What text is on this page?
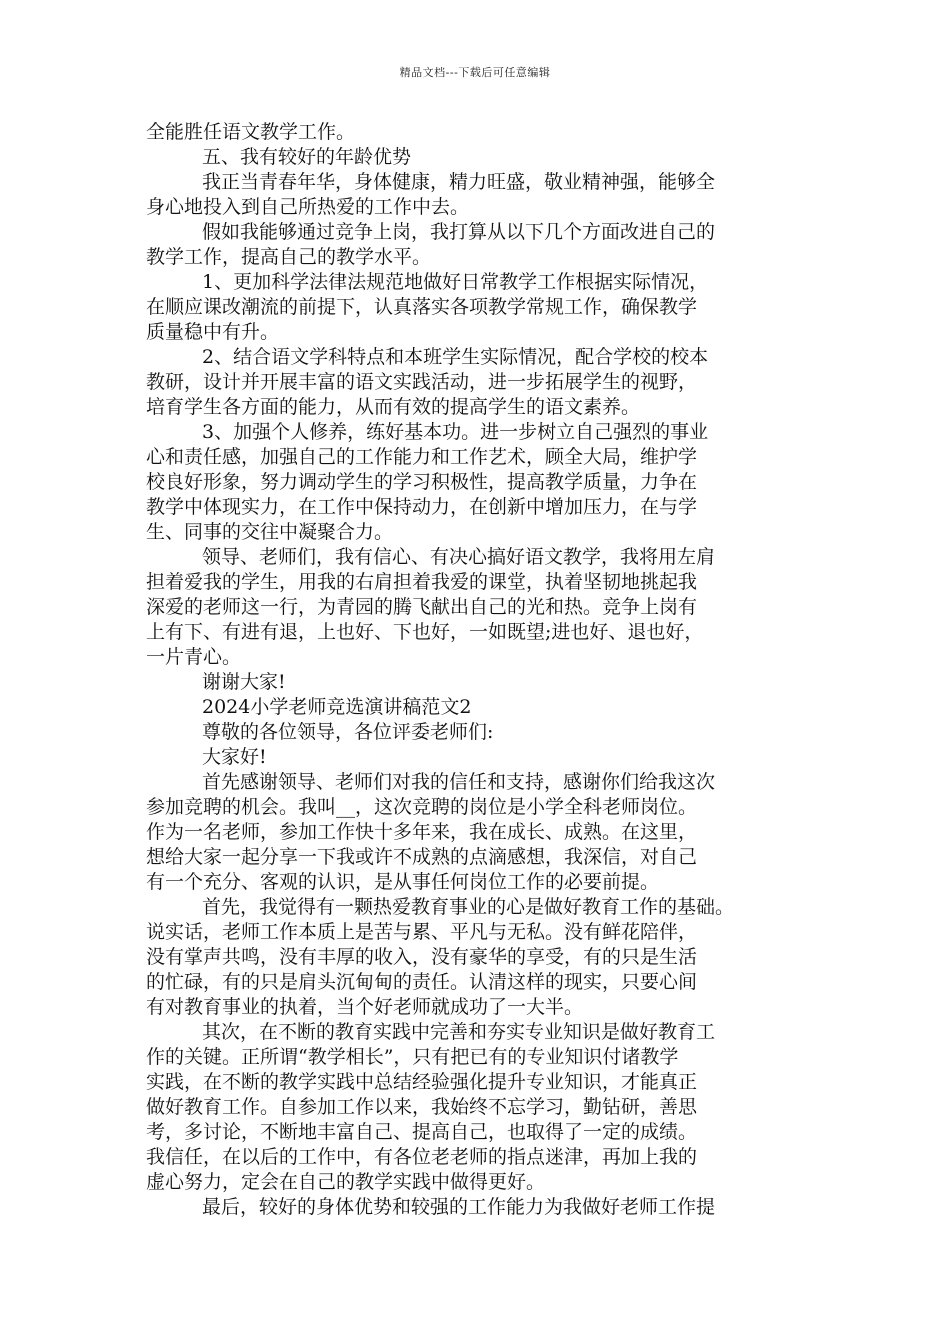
精品文档---下载后可任意编辑
全能胜任语文教学工作。
五、我有较好的年龄优势
我正当青春年华，身体健康，精力旺盛，敬业精神强，能够全
身心地投入到自己所热爱的工作中去。
假如我能够通过竞争上岗，我打算从以下几个方面改进自己的
教学工作，提高自己的教学水平。
1、更加科学法律法规范地做好日常教学工作根据实际情况，
在顺应课改潮流的前提下，认真落实各项教学常规工作，确保教学
质量稳中有升。
2、结合语文学科特点和本班学生实际情况，配合学校的校本
教研，设计并开展丰富的语文实践活动，进一步拓展学生的视野，
培育学生各方面的能力，从而有效的提高学生的语文素养。
3、加强个人修养，练好基本功。进一步树立自己强烈的事业
心和责任感，加强自己的工作能力和工作艺术，顾全大局，维护学
校良好形象，努力调动学生的学习积极性，提高教学质量，力争在
教学中体现实力，在工作中保持动力，在创新中增加压力，在与学
生、同事的交往中凝聚合力。
领导、老师们，我有信心、有决心搞好语文教学，我将用左肩
担着爱我的学生，用我的右肩担着我爱的课堂，执着坚韧地挑起我
深爱的老师这一行，为青园的腾飞献出自己的光和热。竞争上岗有
上有下、有进有退，上也好、下也好，一如既望;进也好、退也好，
一片青心。
谢谢大家!
2024小学老师竞选演讲稿范文2
尊敬的各位领导，各位评委老师们:
大家好!
首先感谢领导、老师们对我的信任和支持，感谢你们给我这次
参加竞聘的机会。我叫__，这次竞聘的岗位是小学全科老师岗位。
作为一名老师，参加工作快十多年来，我在成长、成熟。在这里，
想给大家一起分享一下我或许不成熟的点滴感想，我深信，对自己
有一个充分、客观的认识，是从事任何岗位工作的必要前提。
首先，我觉得有一颗热爱教育事业的心是做好教育工作的基础。
说实话，老师工作本质上是苦与累、平凡与无私。没有鲜花陪伴，
没有掌声共鸣，没有丰厚的收入，没有豪华的享受，有的只是生活
的忙碌，有的只是肩头沉甸甸的责任。认清这样的现实，只要心间
有对教育事业的执着，当个好老师就成功了一大半。
其次，在不断的教育实践中完善和夯实专业知识是做好教育工
作的关键。正所谓“教学相长”，只有把已有的专业知识付诸教学
实践，在不断的教学实践中总结经验强化提升专业知识，才能真正
做好教育工作。自参加工作以来，我始终不忘学习，勤钻研，善思
考，多讨论，不断地丰富自己、提高自己，也取得了一定的成绩。
我信任，在以后的工作中，有各位老老师的指点迷津，再加上我的
虚心努力，定会在自己的教学实践中做得更好。
最后，较好的身体优势和较强的工作能力为我做好老师工作提
